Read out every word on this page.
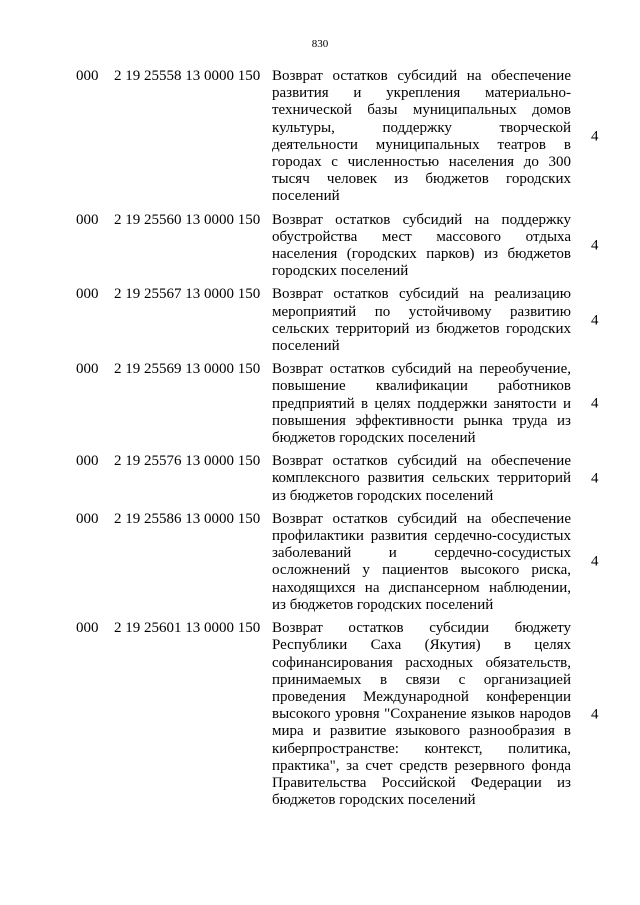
830
000 2 19 25558 13 0000 150 Возврат остатков субсидий на обеспечение развития и укрепления материально-технической базы муниципальных домов культуры, поддержку творческой деятельности муниципальных театров в городах с численностью населения до 300 тысяч человек из бюджетов городских поселений
4
000 2 19 25560 13 0000 150 Возврат остатков субсидий на поддержку обустройства мест массового отдыха населения (городских парков) из бюджетов городских поселений
4
000 2 19 25567 13 0000 150 Возврат остатков субсидий на реализацию мероприятий по устойчивому развитию сельских территорий из бюджетов городских поселений
4
000 2 19 25569 13 0000 150 Возврат остатков субсидий на переобучение, повышение квалификации работников предприятий в целях поддержки занятости и повышения эффективности рынка труда из бюджетов городских поселений
4
000 2 19 25576 13 0000 150 Возврат остатков субсидий на обеспечение комплексного развития сельских территорий из бюджетов городских поселений
4
000 2 19 25586 13 0000 150 Возврат остатков субсидий на обеспечение профилактики развития сердечно-сосудистых заболеваний и сердечно-сосудистых осложнений у пациентов высокого риска, находящихся на диспансерном наблюдении, из бюджетов городских поселений
4
000 2 19 25601 13 0000 150 Возврат остатков субсидии бюджету Республики Саха (Якутия) в целях софинансирования расходных обязательств, принимаемых в связи с организацией проведения Международной конференции высокого уровня "Сохранение языков народов мира и развитие языкового разнообразия в киберпространстве: контекст, политика, практика", за счет средств резервного фонда Правительства Российской Федерации из бюджетов городских поселений
4
